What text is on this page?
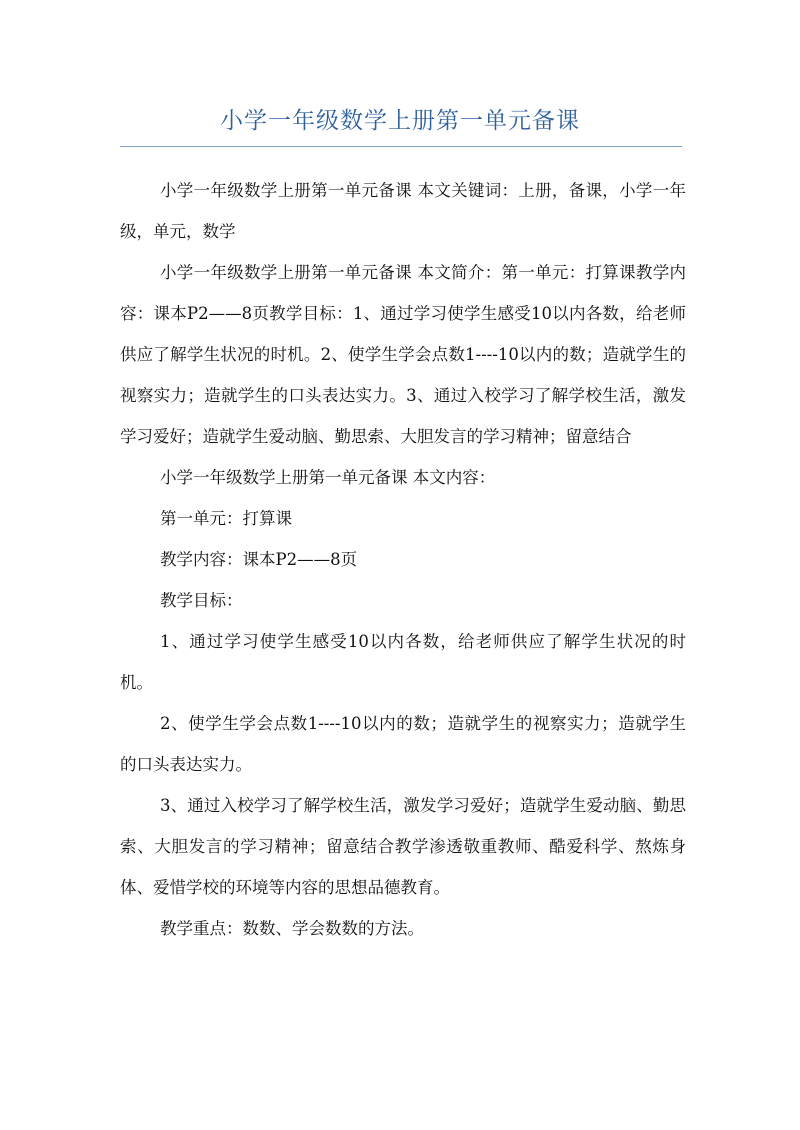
小学一年级数学上册第一单元备课

小学一年级数学上册第一单元备课 本文关键词：上册，备课，小学一年级，单元，数学

小学一年级数学上册第一单元备课 本文简介：第一单元：打算课教学内容：课本P2——8页教学目标：1、通过学习使学生感受10以内各数，给老师供应了解学生状况的时机。2、使学生学会点数1----10以内的数；造就学生的视察实力；造就学生的口头表达实力。3、通过入校学习了解学校生活，激发学习爱好；造就学生爱动脑、勤思索、大胆发言的学习精神；留意结合

小学一年级数学上册第一单元备课 本文内容：

第一单元：打算课

教学内容：课本P2——8页

教学目标：

1、通过学习使学生感受10以内各数，给老师供应了解学生状况的时机。

2、使学生学会点数1----10以内的数；造就学生的视察实力；造就学生的口头表达实力。

3、通过入校学习了解学校生活，激发学习爱好；造就学生爱动脑、勤思索、大胆发言的学习精神；留意结合教学渗透敬重教师、酷爱科学、熬炼身体、爱惜学校的环境等内容的思想品德教育。

教学重点：数数、学会数数的方法。
